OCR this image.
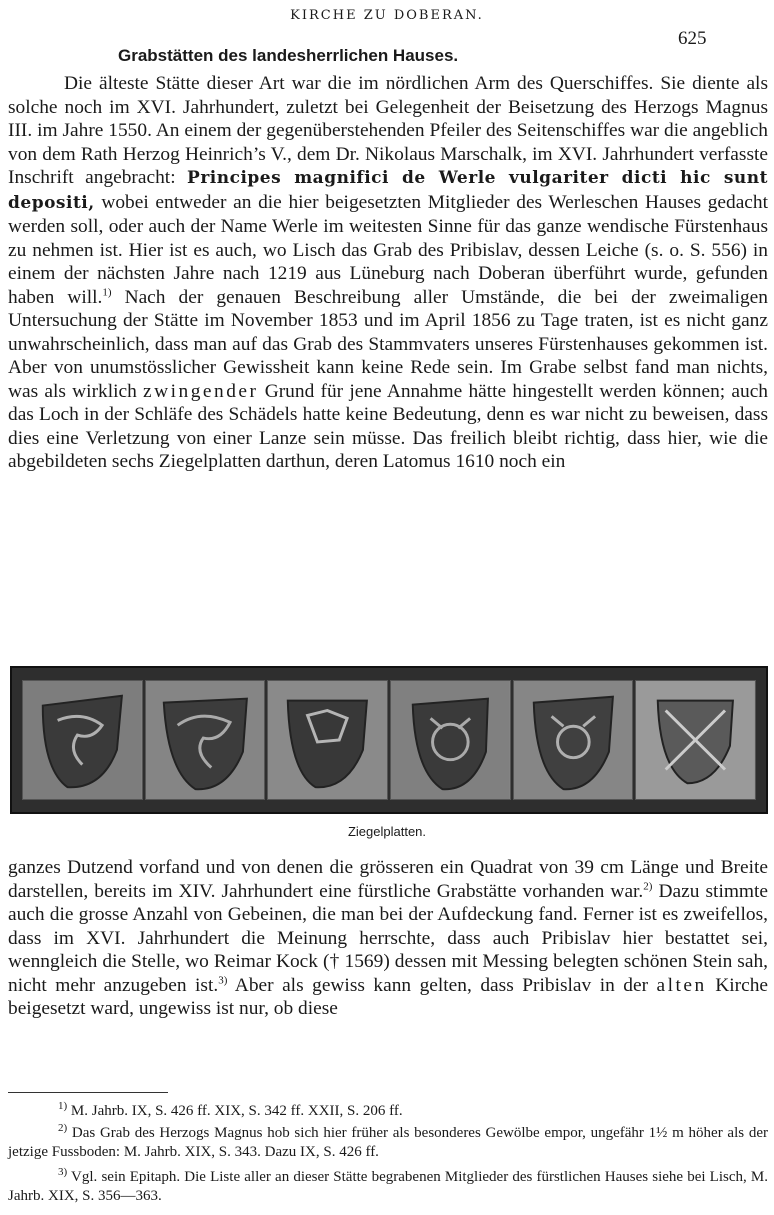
KIRCHE ZU DOBERAN.
625
Grabstätten des landesherrlichen Hauses.

Die älteste Stätte dieser Art war die im nördlichen Arm des Querschiffes. Sie diente als solche noch im XVI. Jahrhundert, zuletzt bei Gelegenheit der Beisetzung des Herzogs Magnus III. im Jahre 1550. An einem der gegenüberstehenden Pfeiler des Seitenschiffes war die angeblich von dem Rath Herzog Heinrich’s V., dem Dr. Nikolaus Marschalk, im XVI. Jahrhundert verfasste Inschrift angebracht: Principes magnifici de Werle vulgariter dicti hic sunt depositi, wobei entweder an die hier beigesetzten Mitglieder des Werleschen Hauses gedacht werden soll, oder auch der Name Werle im weitesten Sinne für das ganze wendische Fürstenhaus zu nehmen ist. Hier ist es auch, wo Lisch das Grab des Pribislav, dessen Leiche (s. o. S. 556) in einem der nächsten Jahre nach 1219 aus Lüneburg nach Doberan überführt wurde, gefunden haben will.$^{1)}$ Nach der genauen Beschreibung aller Umstände, die bei der zweimaligen Untersuchung der Stätte im November 1853 und im April 1856 zu Tage traten, ist es nicht ganz unwahrscheinlich, dass man auf das Grab des Stammvaters unseres Fürstenhauses gekommen ist. Aber von unumstösslicher Gewissheit kann keine Rede sein. Im Grabe selbst fand man nichts, was als wirklich zwingender Grund für jene Annahme hätte hingestellt werden können; auch das Loch in der Schläfe des Schädels hatte keine Bedeutung, denn es war nicht zu beweisen, dass dies eine Verletzung von einer Lanze sein müsse. Das freilich bleibt richtig, dass hier, wie die abgebildeten sechs Ziegelplatten darthun, deren Latomus 1610 noch ein

Ziegelplatten.

ganzes Dutzend vorfand und von denen die grösseren ein Quadrat von 39 cm Länge und Breite darstellen, bereits im XIV. Jahrhundert eine fürstliche Grabstätte vorhanden war.$^{2)}$ Dazu stimmte auch die grosse Anzahl von Gebeinen, die man bei der Aufdeckung fand. Ferner ist es zweifellos, dass im XVI. Jahrhundert die Meinung herrschte, dass auch Pribislav hier bestattet sei, wenngleich die Stelle, wo Reimar Kock († 1569) dessen mit Messing belegten schönen Stein sah, nicht mehr anzugeben ist.$^{3)}$ Aber als gewiss kann gelten, dass Pribislav in der alten Kirche beigesetzt ward, ungewiss ist nur, ob diese

$^{1)}$ M. Jahrb. IX, S. 426 ff. XIX, S. 342 ff. XXII, S. 206 ff.

$^{2)}$ Das Grab des Herzogs Magnus hob sich hier früher als besonderes Gewölbe empor, ungefähr 1½ m höher als der jetzige Fussboden: M. Jahrb. XIX, S. 343. Dazu IX, S. 426 ff.

$^{3)}$ Vgl. sein Epitaph. Die Liste aller an dieser Stätte begrabenen Mitglieder des fürstlichen Hauses siehe bei Lisch, M. Jahrb. XIX, S. 356—363.
